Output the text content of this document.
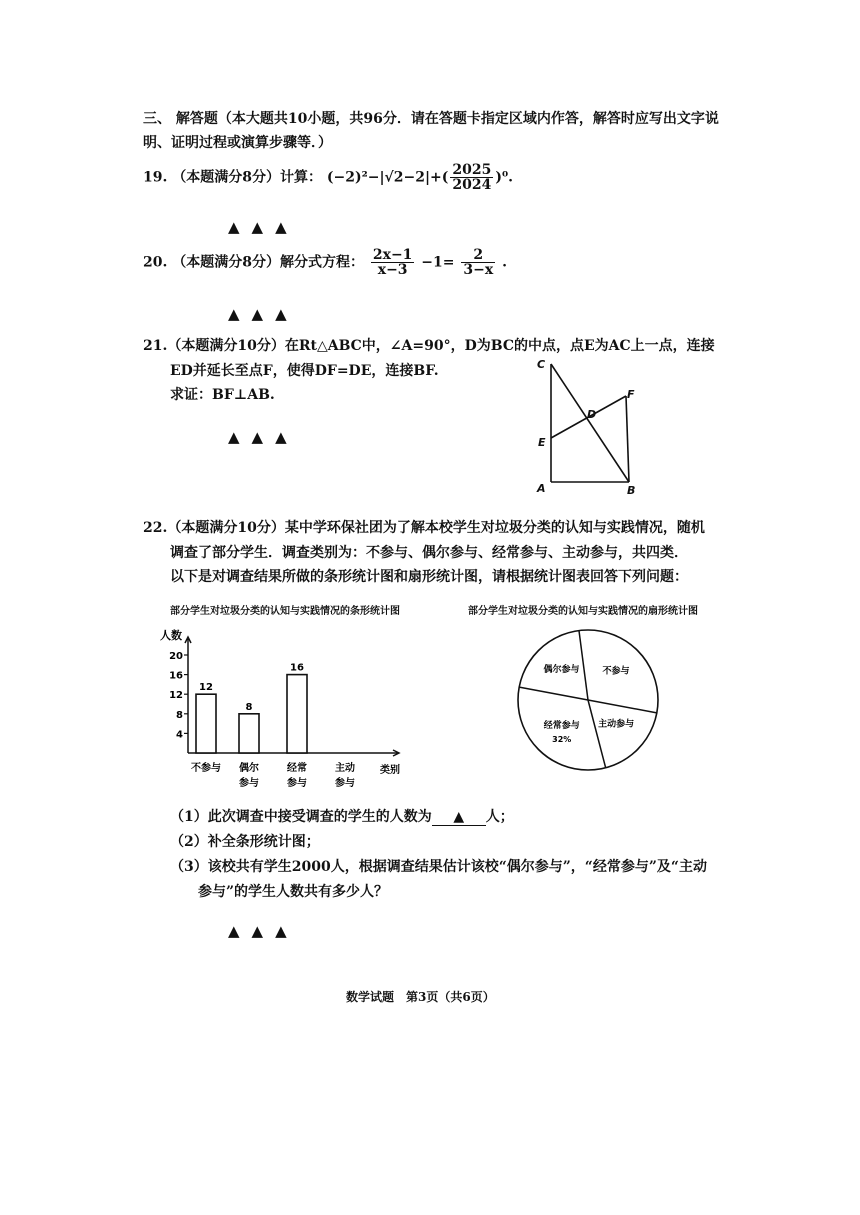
三、 解答题（本大题共10小题，共96分．请在答题卡指定区域内作答，解答时应写出文字说
明、证明过程或演算步骤等．）
19. （本题满分8分）计算： $(-2)^2-|√2-2|+( \frac{2025}{2024} )^0$.
▲▲▲
20. （本题满分8分）解分式方程： $\frac{2x-1}{x-3} -1= \frac{2}{3-x}$ .
▲▲▲
21.（本题满分10分）在Rt△ABC中，∠A=90°，D为BC的中点，点E为AC上一点，连接
ED并延长至点F，使得DF=DE，连接BF.
求证：BF⊥AB.
▲▲▲
C
F
D
E
A	B
22.（本题满分10分）某中学环保社团为了解本校学生对垃圾分类的认知与实践情况，随机
调查了部分学生．调查类别为：不参与、偶尔参与、经常参与、主动参与，共四类．
以下是对调查结果所做的条形统计图和扇形统计图，请根据统计图表回答下列问题：
部分学生对垃圾分类的认知与实践情况的条形统计图	部分学生对垃圾分类的认知与实践情况的扇形统计图
人数
类别
4
8
12
16
20
12
不参与
8
偶尔
参与
16
经常
参与
主动
参与
不参与
主动参与
经常参与
32%
偶尔参与
（1）此次调查中接受调查的学生的人数为 ▲ 人；
（2）补全条形统计图；
（3）该校共有学生2000人，根据调查结果估计该校“偶尔参与”，“经常参与”及“主动
参与”的学生人数共有多少人？
▲▲▲
数学试题　第3页（共6页）
